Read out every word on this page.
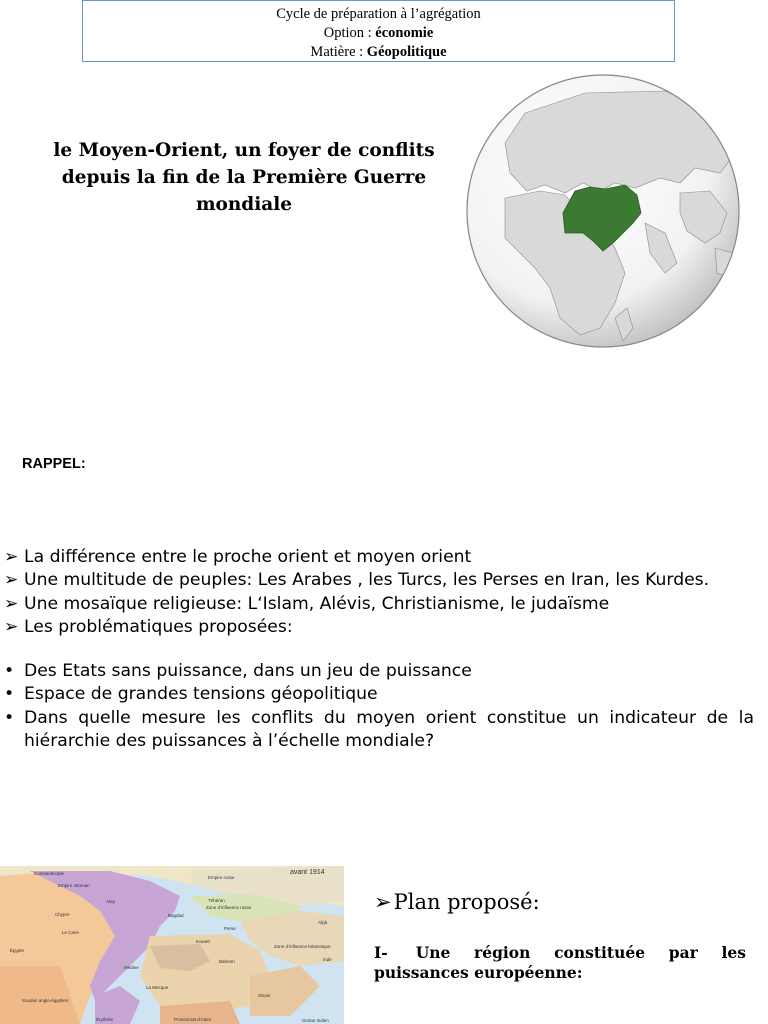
Cycle de préparation à l’agrégation
Option : économie
Matière : Géopolitique
le Moyen-Orient, un foyer de conflits depuis la fin de la Première Guerre mondiale
RAPPEL:
➢ La différence entre le proche orient et moyen orient
➢ Une multitude de peuples: Les Arabes , les Turcs, les Perses en Iran, les Kurdes.
➢ Une mosaïque religieuse: L‘Islam, Alévis, Christianisme, le judaïsme
➢ Les problématiques proposées:
• Des Etats sans puissance, dans un jeu de puissance
• Espace de grandes tensions géopolitique
• Dans quelle mesure les conflits du moyen orient constitue un indicateur de la hiérarchie des puissances à l’échelle mondiale?
avant 1914
Constantinople
Empire ottoman
Empire russe
Chypre
Alep
Bagdad
Téhéran
Zone d’influence russe
Perse
Afgh.
Le Caire
Égypte
Koweït
Zone d’influence britannique
Inde
Médine
Bahreïn
La Mecque
Oman
Soudan anglo-égyptien
Érythrée	Protectorat d’Aden	Océan Indien
➢Plan proposé:
I- Une région constituée par les puissances européenne:
